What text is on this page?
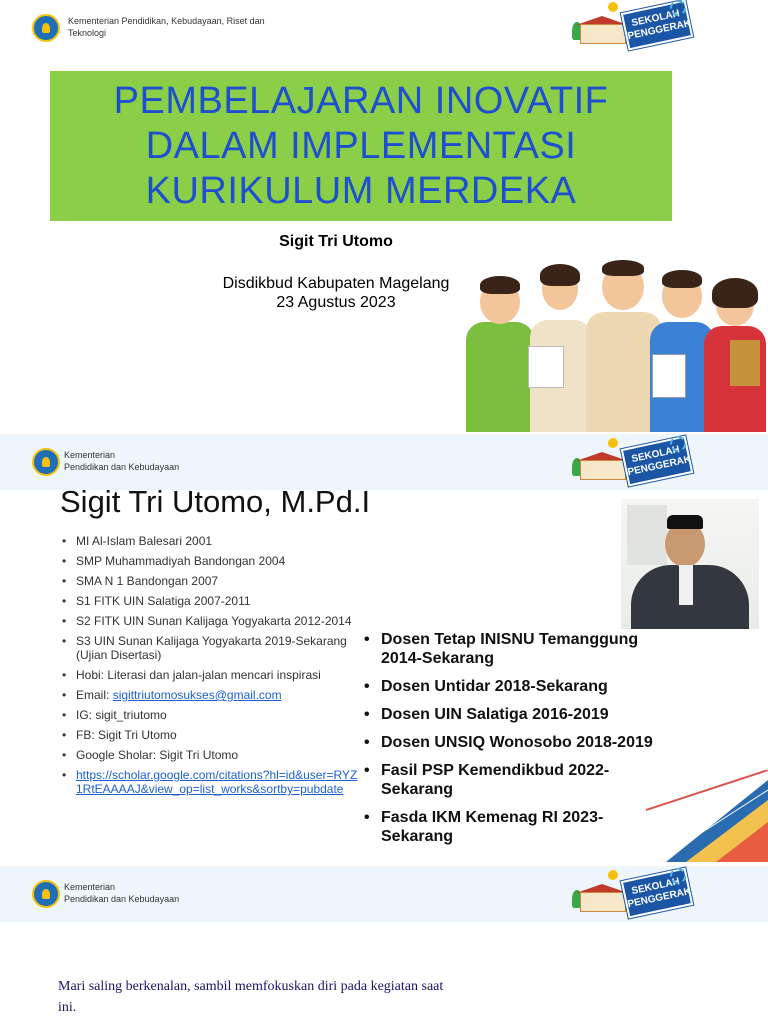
Kementerian Pendidikan, Kebudayaan, Riset dan Teknologi
SEKOLAH PENGGERAK
PEMBELAJARAN INOVATIF
DALAM IMPLEMENTASI
KURIKULUM MERDEKA
Sigit Tri Utomo
Disdikbud Kabupaten Magelang
23 Agustus 2023
Kementerian
Pendidikan dan Kebudayaan
SEKOLAH PENGGERAK
Sigit Tri Utomo, M.Pd.I
• MI Al-Islam Balesari 2001
• SMP Muhammadiyah Bandongan 2004
• SMA N 1 Bandongan 2007
• S1 FITK UIN Salatiga 2007-2011
• S2 FITK UIN Sunan Kalijaga Yogyakarta 2012-2014
• S3 UIN Sunan Kalijaga Yogyakarta 2019-Sekarang (Ujian Disertasi)
• Hobi: Literasi dan jalan-jalan mencari inspirasi
• Email: sigittriutomosukses@gmail.com
• IG: sigit_triutomo
• FB: Sigit Tri Utomo
• Google Sholar: Sigit Tri Utomo
• https://scholar.google.com/citations?hl=id&user=RYZ1RtEAAAAJ&view_op=list_works&sortby=pubdate
• Dosen Tetap INISNU Temanggung 2014-Sekarang
• Dosen Untidar 2018-Sekarang
• Dosen UIN Salatiga 2016-2019
• Dosen UNSIQ Wonosobo 2018-2019
• Fasil PSP Kemendikbud 2022-Sekarang
• Fasda IKM Kemenag RI 2023-Sekarang
Kementerian
Pendidikan dan Kebudayaan
SEKOLAH PENGGERAK
Mari saling berkenalan, sambil memfokuskan diri pada kegiatan saat ini.
